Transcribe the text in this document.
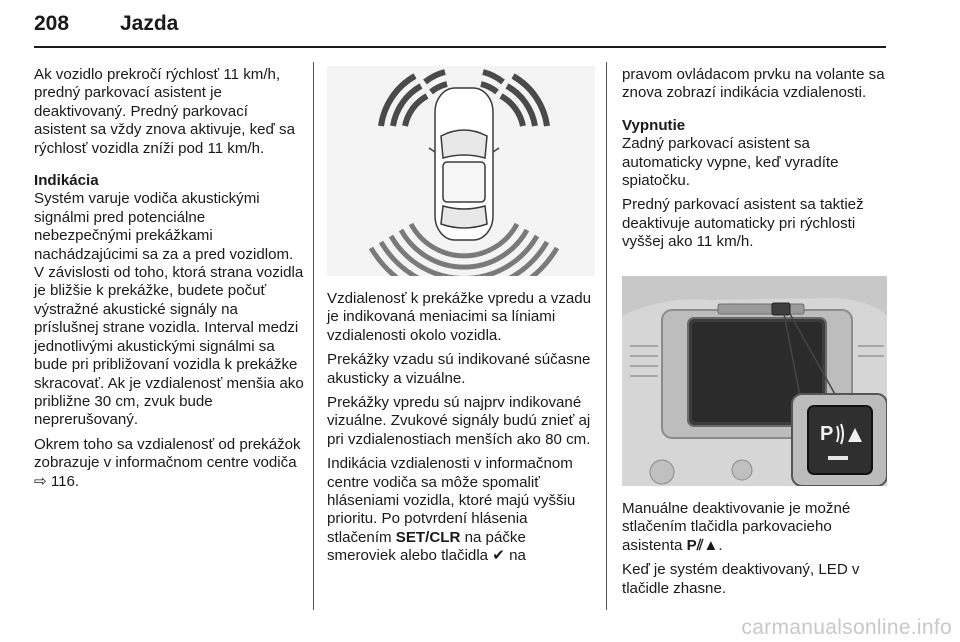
208 Jazda

Ak vozidlo prekročí rýchlosť 11 km/h, predný parkovací asistent je deaktivovaný. Predný parkovací asistent sa vždy znova aktivuje, keď sa rýchlosť vozidla zníži pod 11 km/h.

Indikácia

Systém varuje vodiča akustickými signálmi pred potenciálne nebezpečnými prekážkami nachádzajúcimi sa za a pred vozidlom. V závislosti od toho, ktorá strana vozidla je bližšie k prekážke, budete počuť výstražné akustické signály na príslušnej strane vozidla. Interval medzi jednotlivými akustickými signálmi sa bude pri približovaní vozidla k prekážke skracovať. Ak je vzdialenosť menšia ako približne 30 cm, zvuk bude neprerušovaný.

Okrem toho sa vzdialenosť od prekážok zobrazuje v informačnom centre vodiča ⇨ 116.

Vzdialenosť k prekážke vpredu a vzadu je indikovaná meniacimi sa líniami vzdialenosti okolo vozidla.

Prekážky vzadu sú indikované súčasne akusticky a vizuálne.

Prekážky vpredu sú najprv indikované vizuálne. Zvukové signály budú znieť aj pri vzdialenostiach menších ako 80 cm.

Indikácia vzdialenosti v informačnom centre vodiča sa môže spomaliť hláseniami vozidla, ktoré majú vyššiu prioritu. Po potvrdení hlásenia stlačením SET/CLR na páčke smeroviek alebo tlačidla ✔ na

pravom ovládacom prvku na volante sa znova zobrazí indikácia vzdialenosti.

Vypnutie

Zadný parkovací asistent sa automaticky vypne, keď vyradíte spiatočku.

Predný parkovací asistent sa taktiež deaktivuje automaticky pri rýchlosti vyššej ako 11 km/h.

P

Manuálne deaktivovanie je možné stlačením tlačidla parkovacieho asistenta P⫽▲.

Keď je systém deaktivovaný, LED v tlačidle zhasne.

carmanualsonline.info
